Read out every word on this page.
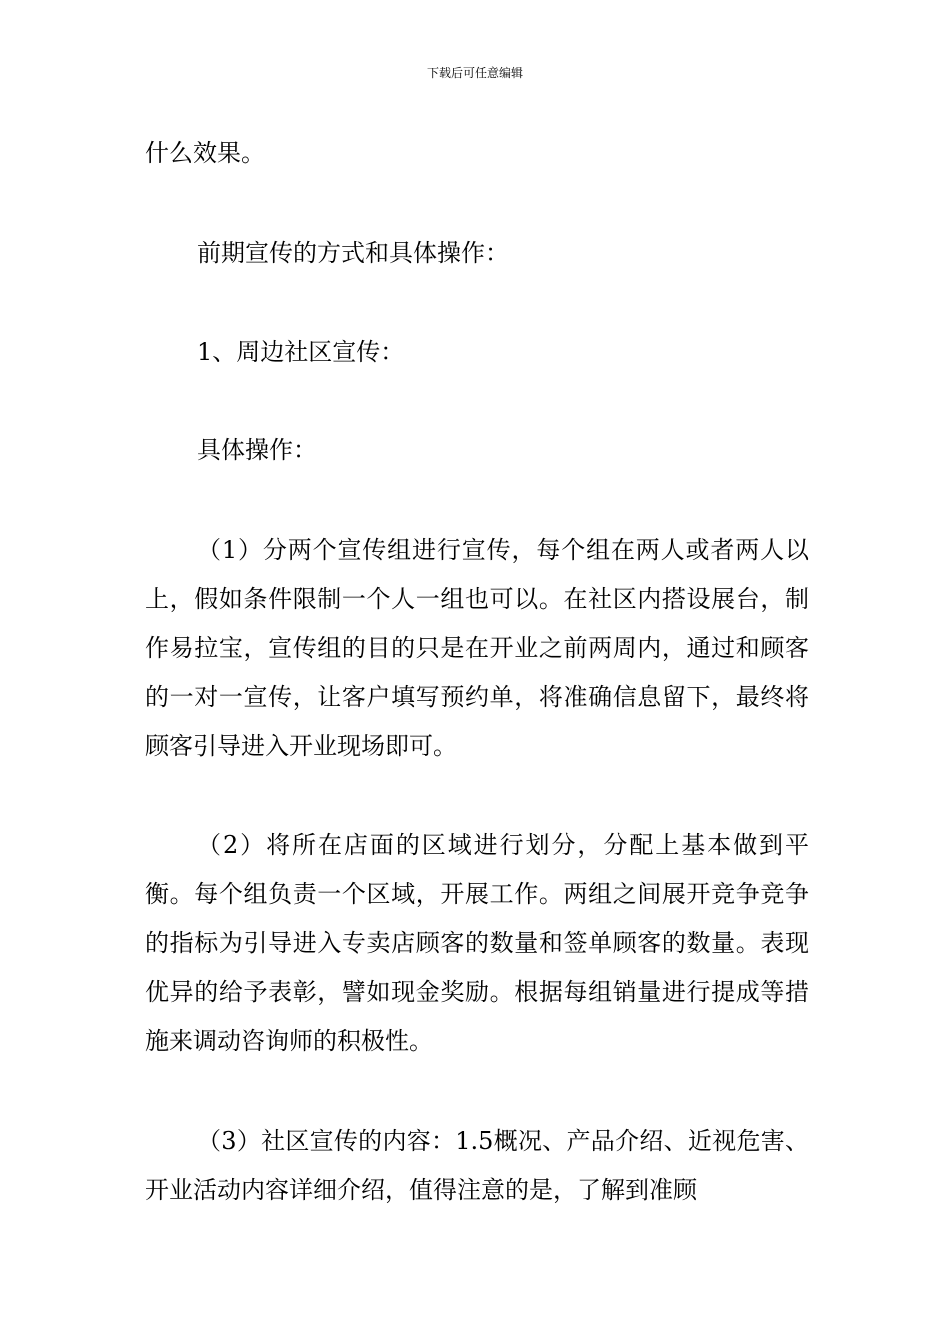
下载后可任意编辑

什么效果。

前期宣传的方式和具体操作：

1、周边社区宣传：

具体操作：

（1）分两个宣传组进行宣传，每个组在两人或者两人以上，假如条件限制一个人一组也可以。在社区内搭设展台，制作易拉宝，宣传组的目的只是在开业之前两周内，通过和顾客的一对一宣传，让客户填写预约单，将准确信息留下，最终将顾客引导进入开业现场即可。

（2）将所在店面的区域进行划分，分配上基本做到平衡。每个组负责一个区域，开展工作。两组之间展开竞争竞争的指标为引导进入专卖店顾客的数量和签单顾客的数量。表现优异的给予表彰，譬如现金奖励。根据每组销量进行提成等措施来调动咨询师的积极性。

（3）社区宣传的内容：1.5概况、产品介绍、近视危害、开业活动内容详细介绍，值得注意的是，了解到准顾
